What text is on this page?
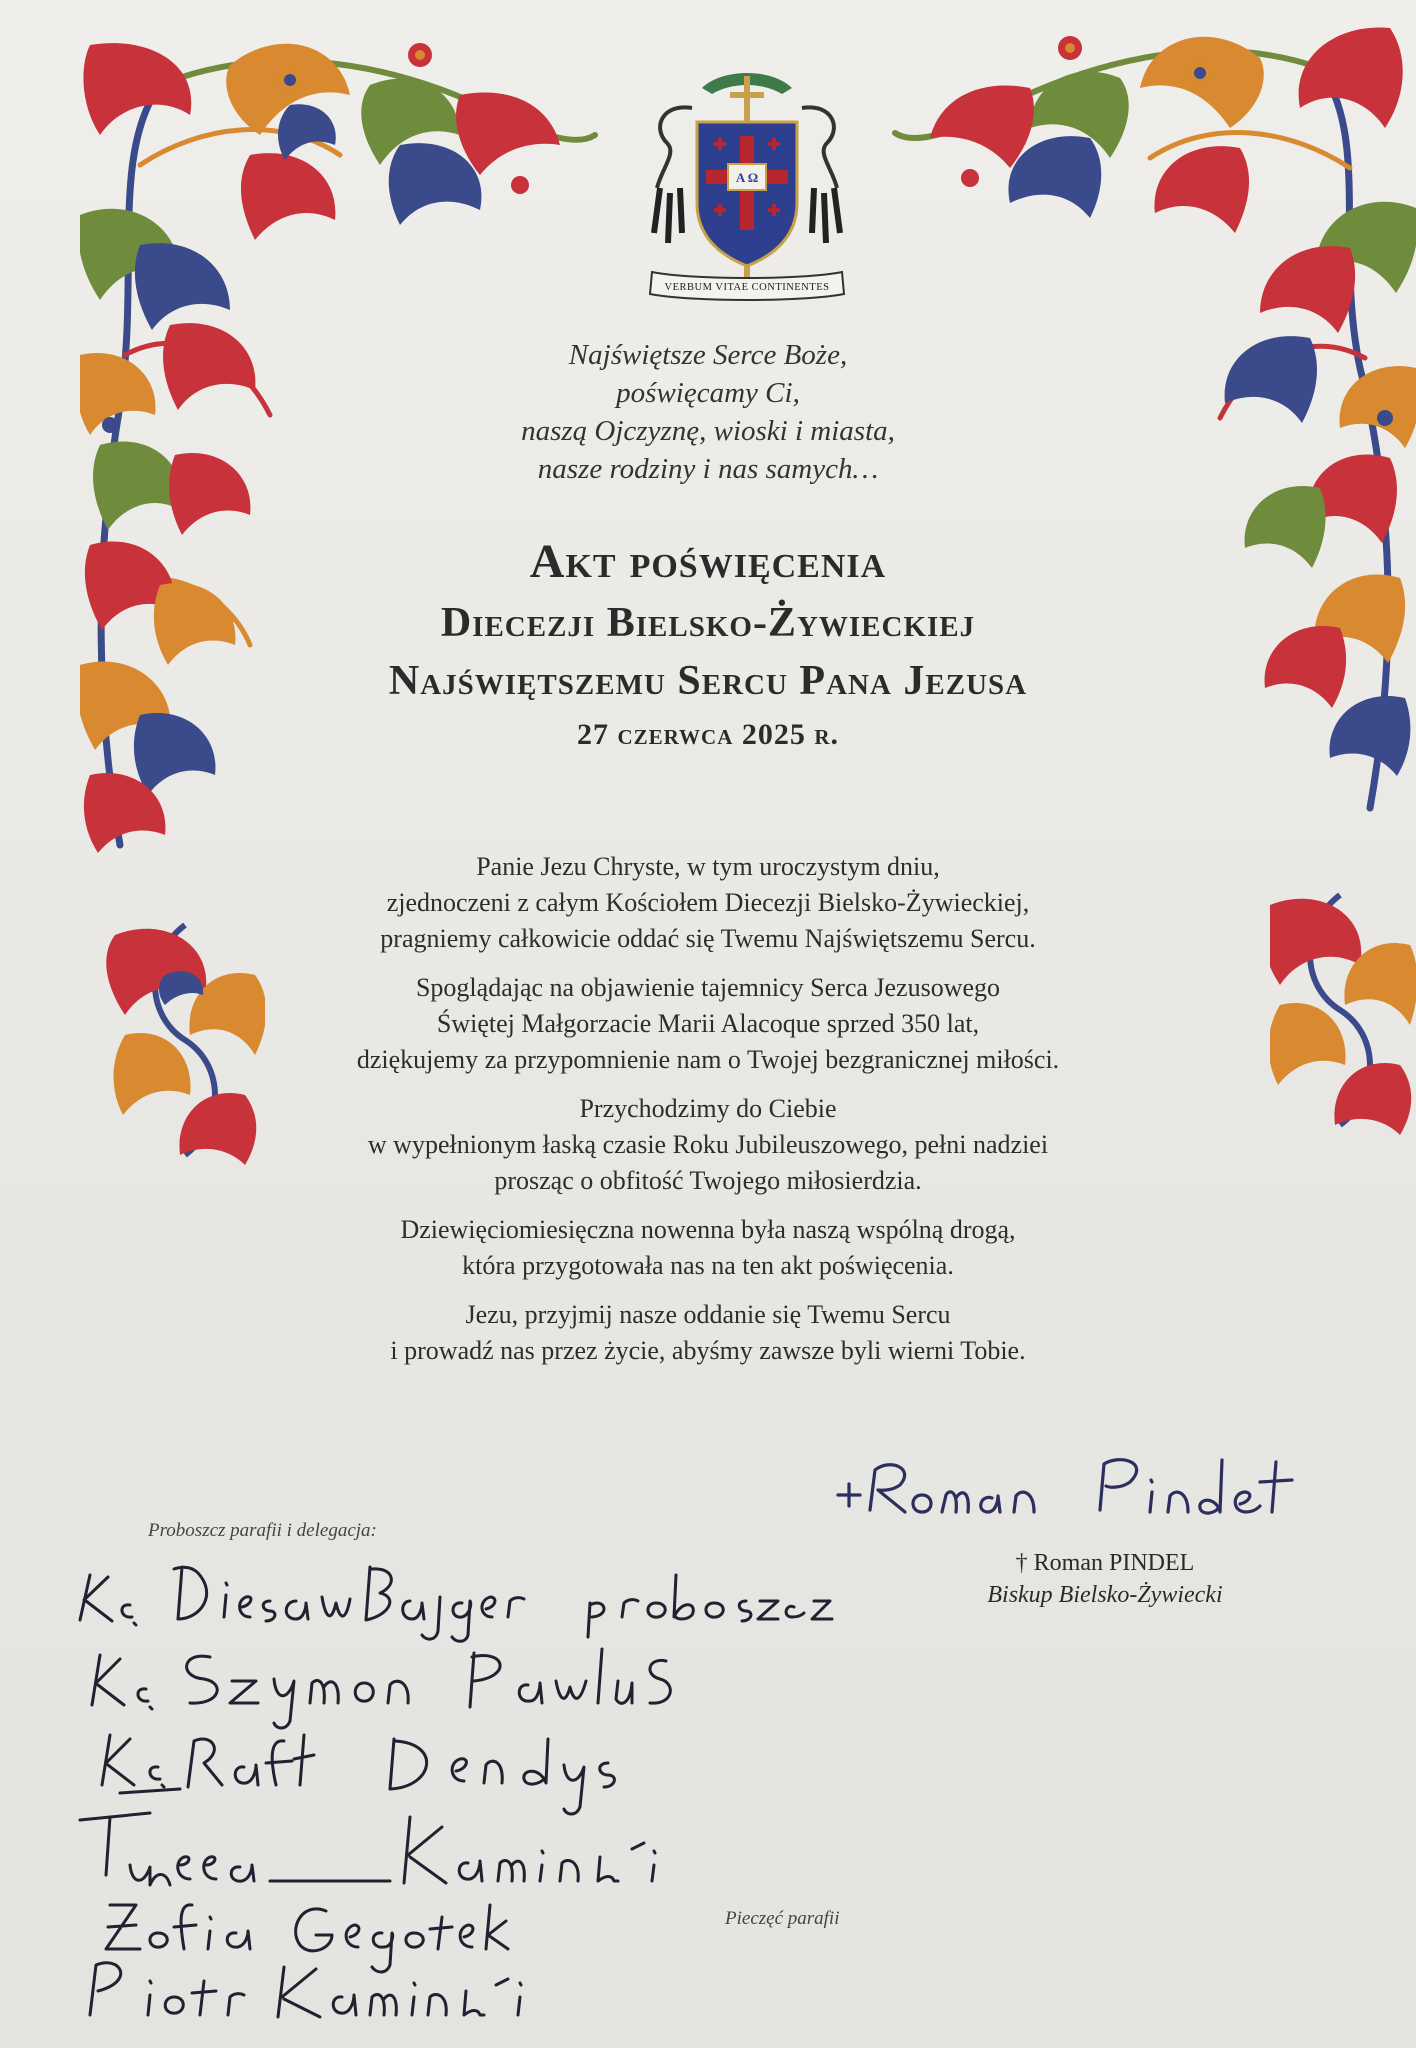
A Ω
VERBUM VITAE CONTINENTES
Najświętsze Serce Boże,
poświęcamy Ci,
naszą Ojczyznę, wioski i miasta,
nasze rodziny i nas samych…
Akt poświęcenia
Diecezji Bielsko-Żywieckiej
Najświętszemu Sercu Pana Jezusa
27 czerwca 2025 r.

Panie Jezu Chryste, w tym uroczystym dniu,
zjednoczeni z całym Kościołem Diecezji Bielsko-Żywieckiej,
pragniemy całkowicie oddać się Twemu Najświętszemu Sercu.

Spoglądając na objawienie tajemnicy Serca Jezusowego
Świętej Małgorzacie Marii Alacoque sprzed 350 lat,
dziękujemy za przypomnienie nam o Twojej bezgranicznej miłości.

Przychodzimy do Ciebie
w wypełnionym łaską czasie Roku Jubileuszowego, pełni nadziei
prosząc o obfitość Twojego miłosierdzia.

Dziewięciomiesięczna nowenna była naszą wspólną drogą,
która przygotowała nas na ten akt poświęcenia.

Jezu, przyjmij nasze oddanie się Twemu Sercu
i prowadź nas przez życie, abyśmy zawsze byli wierni Tobie.

† Roman PINDEL
Biskup Bielsko-Żywiecki
Proboszcz parafii i delegacja:
Pieczęć parafii
